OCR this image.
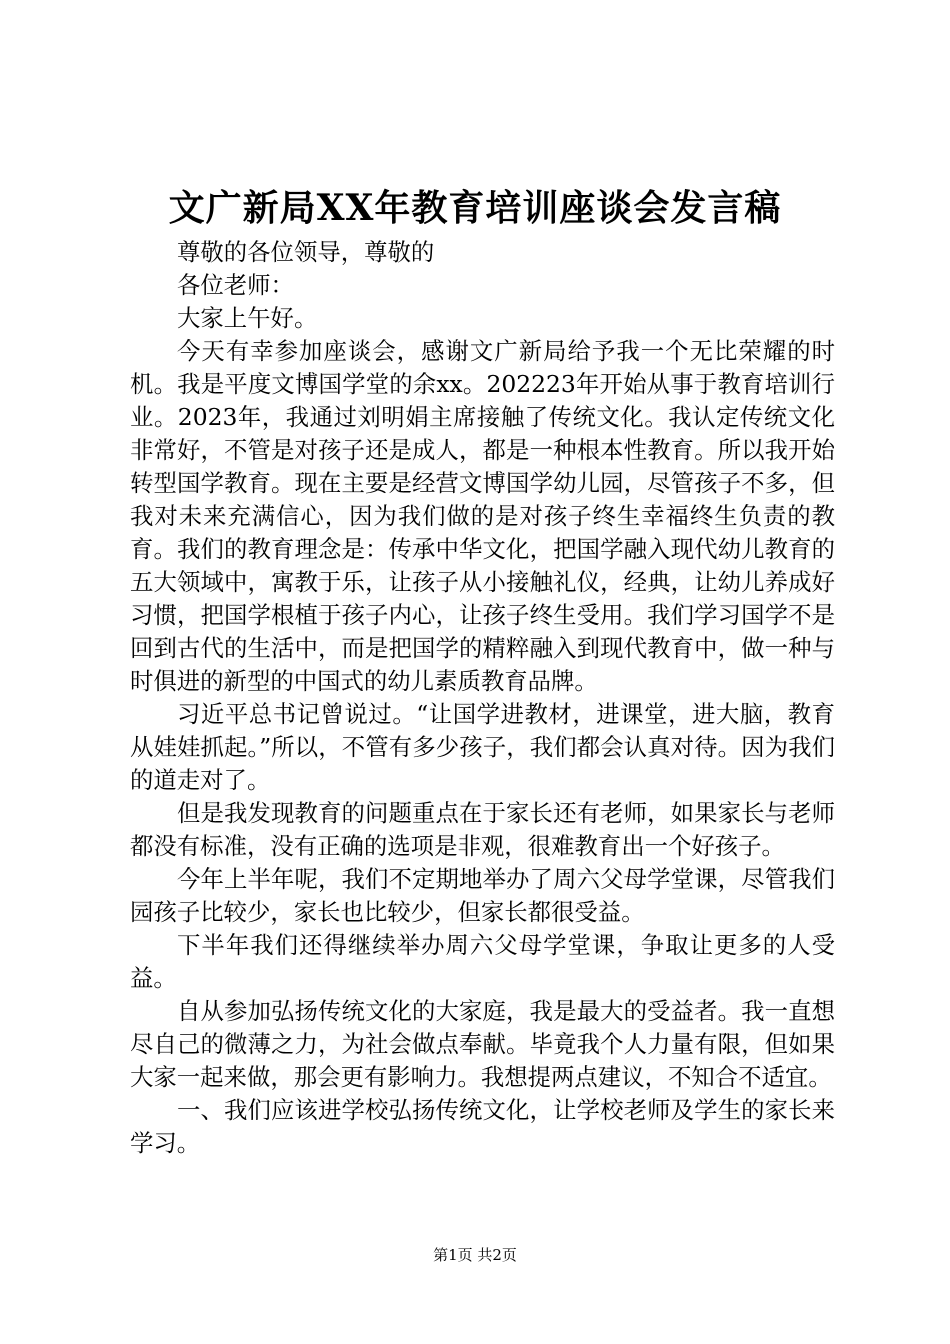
文广新局XX年教育培训座谈会发言稿

尊敬的各位领导，尊敬的

各位老师：

大家上午好。

今天有幸参加座谈会，感谢文广新局给予我一个无比荣耀的时机。我是平度文博国学堂的余xx。202223年开始从事于教育培训行业。2023年，我通过刘明娟主席接触了传统文化。我认定传统文化非常好，不管是对孩子还是成人，都是一种根本性教育。所以我开始转型国学教育。现在主要是经营文博国学幼儿园，尽管孩子不多，但我对未来充满信心，因为我们做的是对孩子终生幸福终生负责的教育。我们的教育理念是：传承中华文化，把国学融入现代幼儿教育的五大领域中，寓教于乐，让孩子从小接触礼仪，经典，让幼儿养成好习惯，把国学根植于孩子内心，让孩子终生受用。我们学习国学不是回到古代的生活中，而是把国学的精粹融入到现代教育中，做一种与时俱进的新型的中国式的幼儿素质教育品牌。

习近平总书记曾说过。“让国学进教材，进课堂，进大脑，教育从娃娃抓起。”所以，不管有多少孩子，我们都会认真对待。因为我们的道走对了。

但是我发现教育的问题重点在于家长还有老师，如果家长与老师都没有标准，没有正确的选项是非观，很难教育出一个好孩子。

今年上半年呢，我们不定期地举办了周六父母学堂课，尽管我们园孩子比较少，家长也比较少，但家长都很受益。

下半年我们还得继续举办周六父母学堂课，争取让更多的人受益。

自从参加弘扬传统文化的大家庭，我是最大的受益者。我一直想尽自己的微薄之力，为社会做点奉献。毕竟我个人力量有限，但如果大家一起来做，那会更有影响力。我想提两点建议，不知合不适宜。

一、我们应该进学校弘扬传统文化，让学校老师及学生的家长来学习。

第1页 共2页
